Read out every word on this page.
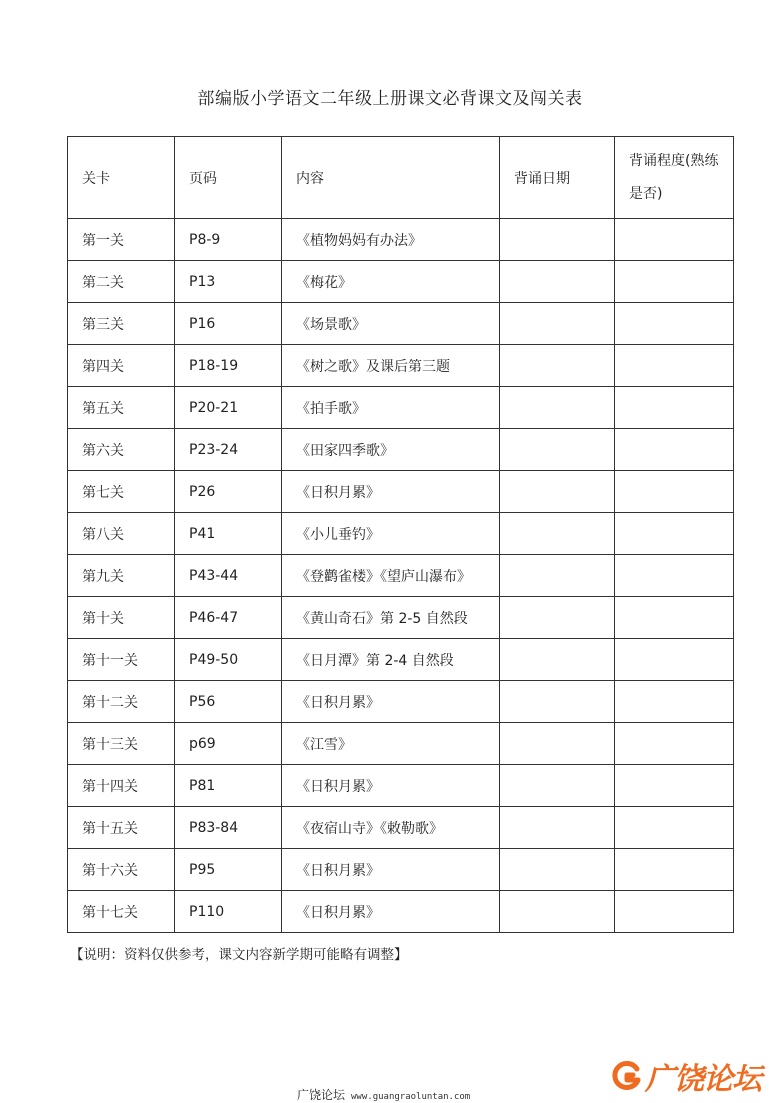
部编版小学语文二年级上册课文必背课文及闯关表
关卡	页码	内容	背诵日期	背诵程度(熟练是否)
第一关	P8-9	《植物妈妈有办法》		
第二关	P13	《梅花》		
第三关	P16	《场景歌》		
第四关	P18-19	《树之歌》及课后第三题		
第五关	P20-21	《拍手歌》		
第六关	P23-24	《田家四季歌》		
第七关	P26	《日积月累》		
第八关	P41	《小儿垂钓》		
第九关	P43-44	《登鹳雀楼》《望庐山瀑布》		
第十关	P46-47	《黄山奇石》第 2-5 自然段		
第十一关	P49-50	《日月潭》第 2-4 自然段		
第十二关	P56	《日积月累》		
第十三关	p69	《江雪》		
第十四关	P81	《日积月累》		
第十五关	P83-84	《夜宿山寺》《敕勒歌》		
第十六关	P95	《日积月累》		
第十七关	P110	《日积月累》		
【说明：资料仅供参考，课文内容新学期可能略有调整】
广饶论坛 www.guangraoluntan.com	广饶论坛
